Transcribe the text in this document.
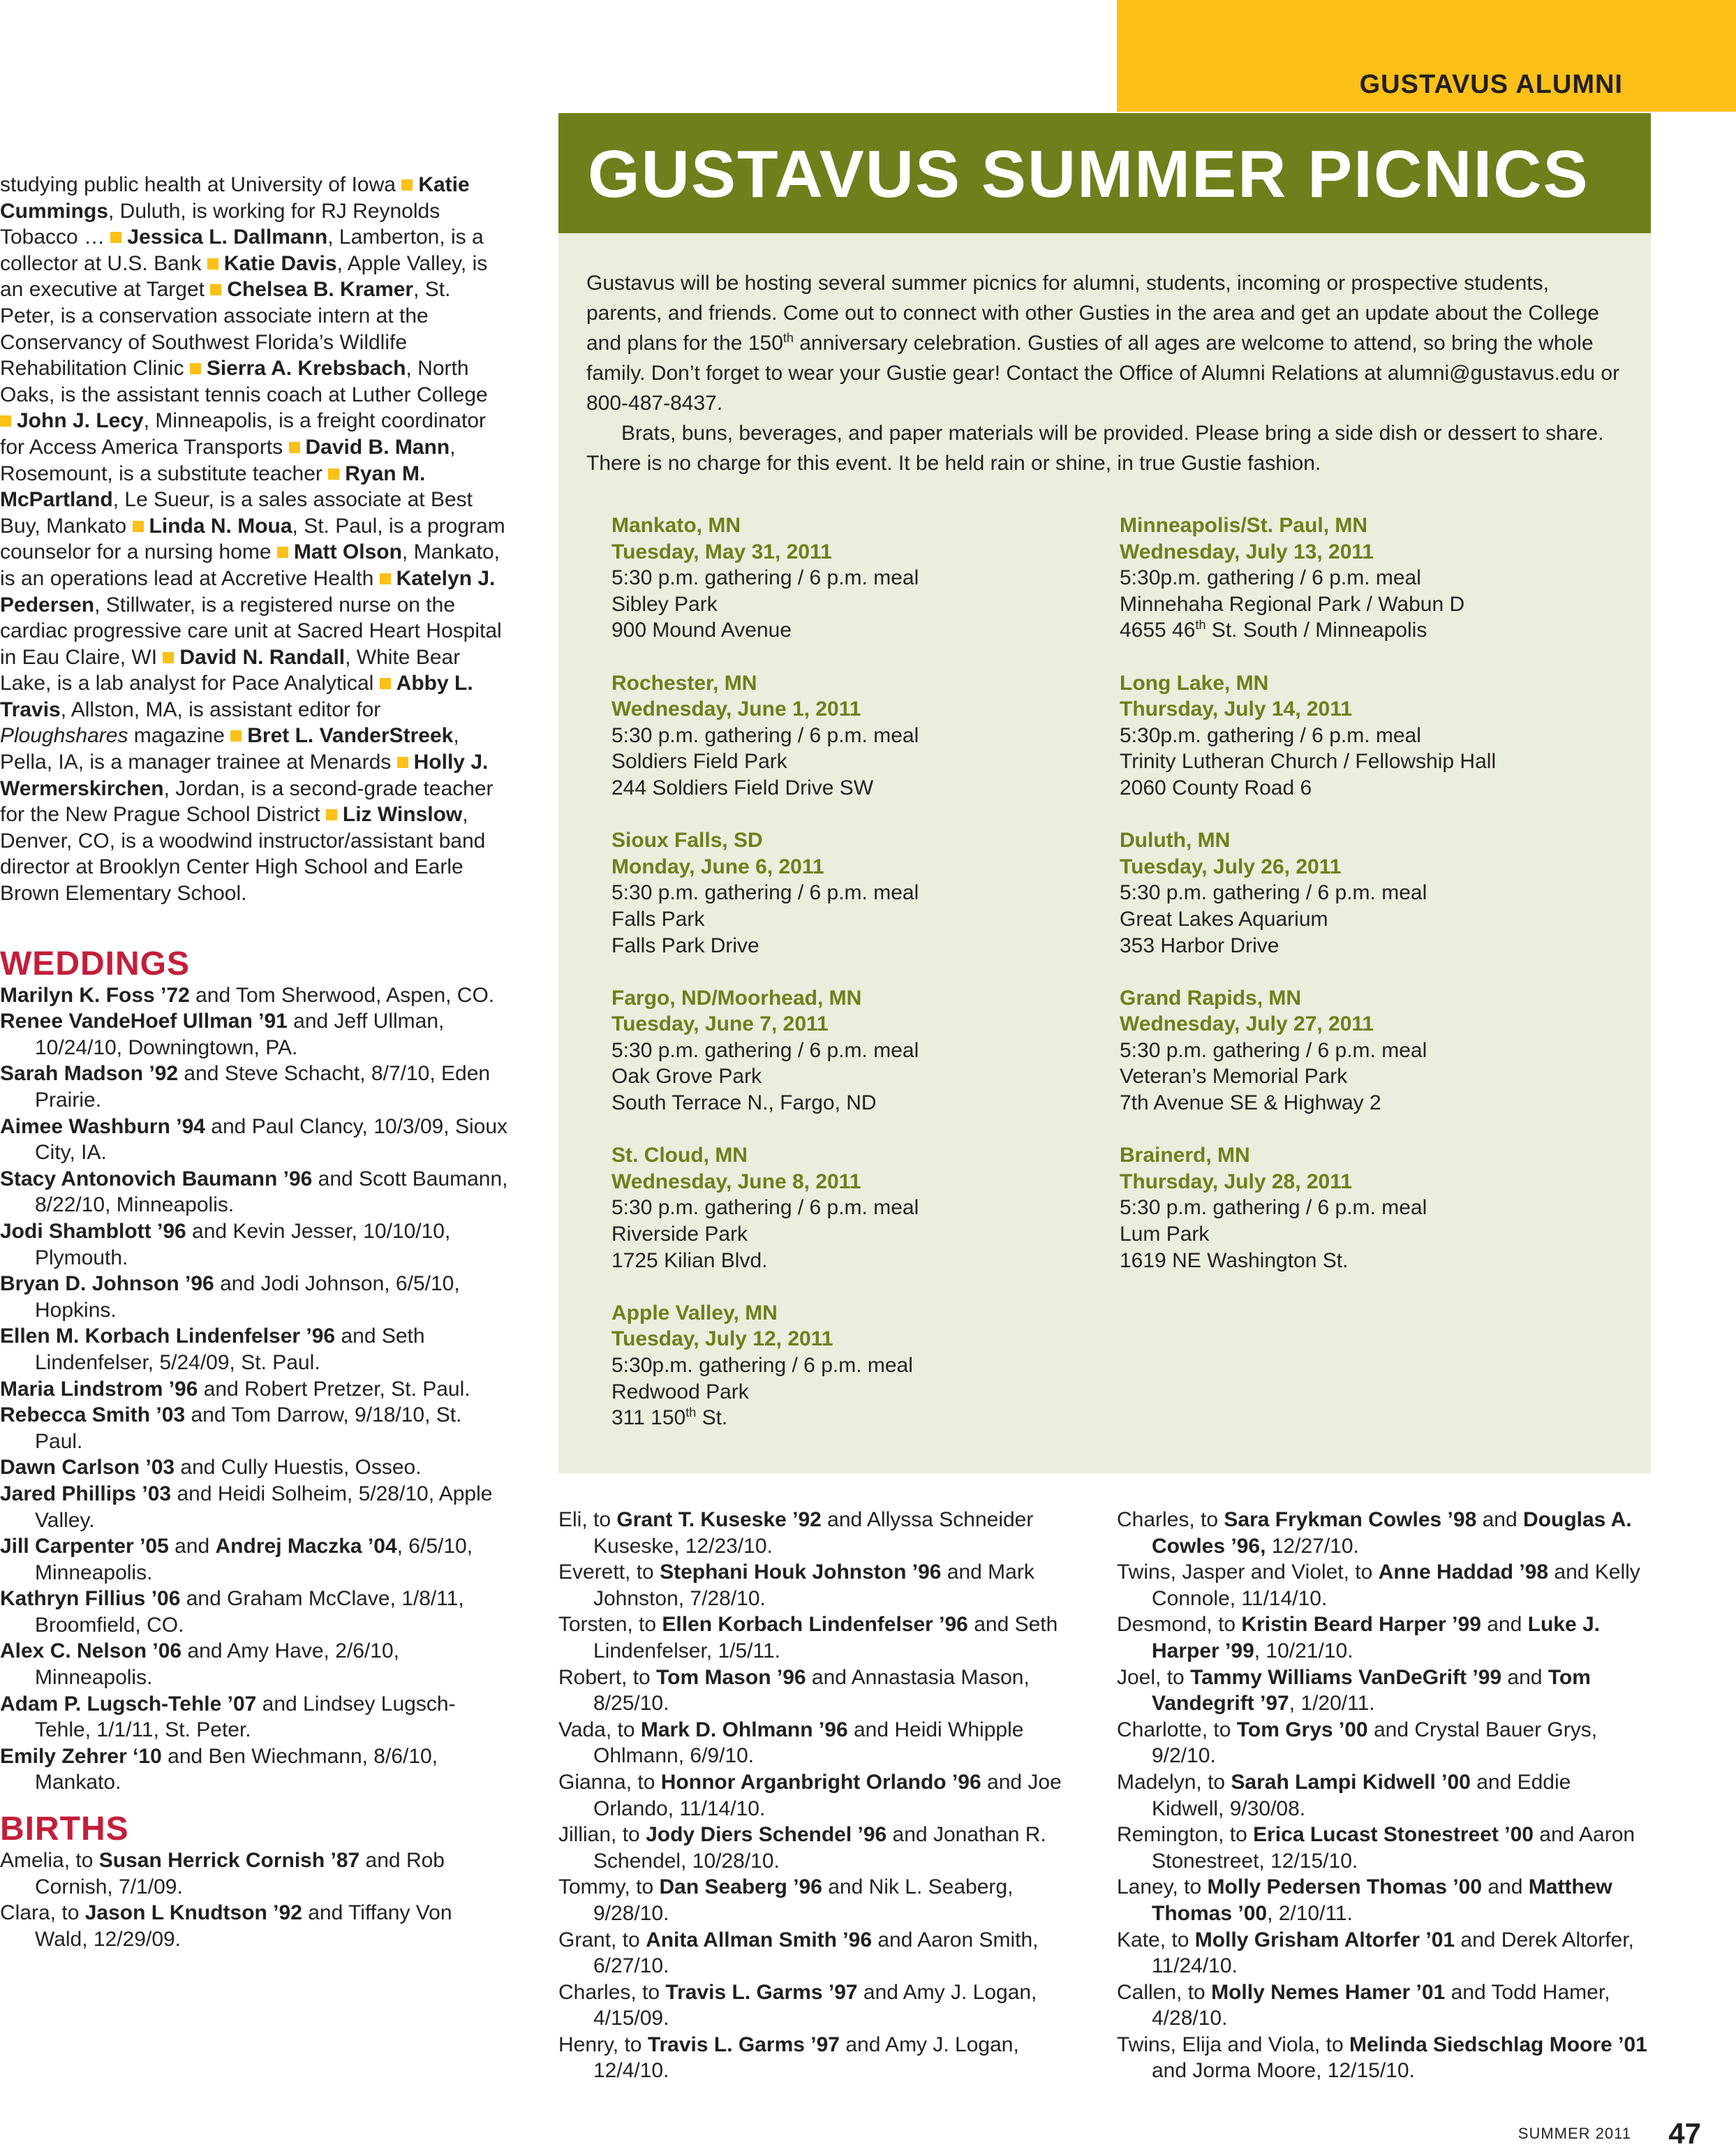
GUSTAVUS ALUMNI

studying public health at University of Iowa Katie Cummings, Duluth, is working for RJ Reynolds Tobacco … Jessica L. Dallmann, Lamberton, is a collector at U.S. Bank Katie Davis, Apple Valley, is an executive at Target Chelsea B. Kramer, St. Peter, is a conservation associate intern at the Conservancy of Southwest Florida’s Wildlife Rehabilitation Clinic Sierra A. Krebsbach, North Oaks, is the assistant tennis coach at Luther College John J. Lecy, Minneapolis, is a freight coordinator for Access America Transports David B. Mann, Rosemount, is a substitute teacher Ryan M. McPartland, Le Sueur, is a sales associate at Best Buy, Mankato Linda N. Moua, St. Paul, is a program counselor for a nursing home Matt Olson, Mankato, is an operations lead at Accretive Health Katelyn J. Pedersen, Stillwater, is a registered nurse on the cardiac progressive care unit at Sacred Heart Hospital in Eau Claire, WI David N. Randall, White Bear Lake, is a lab analyst for Pace Analytical Abby L. Travis, Allston, MA, is assistant editor for Ploughshares magazine Bret L. VanderStreek, Pella, IA, is a manager trainee at Menards Holly J. Wermerskirchen, Jordan, is a second-grade teacher for the New Prague School District Liz Winslow, Denver, CO, is a woodwind instructor/assistant band director at Brooklyn Center High School and Earle Brown Elementary School.

WEDDINGS
Marilyn K. Foss ’72 and Tom Sherwood, Aspen, CO.
Renee VandeHoef Ullman ’91 and Jeff Ullman, 10/24/10, Downingtown, PA.
Sarah Madson ’92 and Steve Schacht, 8/7/10, Eden Prairie.
Aimee Washburn ’94 and Paul Clancy, 10/3/09, Sioux City, IA.
Stacy Antonovich Baumann ’96 and Scott Baumann, 8/22/10, Minneapolis.
Jodi Shamblott ’96 and Kevin Jesser, 10/10/10, Plymouth.
Bryan D. Johnson ’96 and Jodi Johnson, 6/5/10, Hopkins.
Ellen M. Korbach Lindenfelser ’96 and Seth Lindenfelser, 5/24/09, St. Paul.
Maria Lindstrom ’96 and Robert Pretzer, St. Paul.
Rebecca Smith ’03 and Tom Darrow, 9/18/10, St. Paul.
Dawn Carlson ’03 and Cully Huestis, Osseo.
Jared Phillips ’03 and Heidi Solheim, 5/28/10, Apple Valley.
Jill Carpenter ’05 and Andrej Maczka ’04, 6/5/10, Minneapolis.
Kathryn Fillius ’06 and Graham McClave, 1/8/11, Broomfield, CO.
Alex C. Nelson ’06 and Amy Have, 2/6/10, Minneapolis.
Adam P. Lugsch-Tehle ’07 and Lindsey Lugsch-Tehle, 1/1/11, St. Peter.
Emily Zehrer ‘10 and Ben Wiechmann, 8/6/10, Mankato.
BIRTHS
Amelia, to Susan Herrick Cornish ’87 and Rob Cornish, 7/1/09.
Clara, to Jason L Knudtson ’92 and Tiffany Von Wald, 12/29/09.
GUSTAVUS SUMMER PICNICS

Gustavus will be hosting several summer picnics for alumni, students, incoming or prospective students, parents, and friends. Come out to connect with other Gusties in the area and get an update about the College and plans for the 150th anniversary celebration. Gusties of all ages are welcome to attend, so bring the whole family. Don’t forget to wear your Gustie gear! Contact the Office of Alumni Relations at alumni@gustavus.edu or 800-487-8437.

Brats, buns, beverages, and paper materials will be provided. Please bring a side dish or dessert to share. There is no charge for this event. It be held rain or shine, in true Gustie fashion.

Mankato, MN
Tuesday, May 31, 2011
5:30 p.m. gathering / 6 p.m. meal
Sibley Park
900 Mound Avenue
Rochester, MN
Wednesday, June 1, 2011
5:30 p.m. gathering / 6 p.m. meal
Soldiers Field Park
244 Soldiers Field Drive SW
Sioux Falls, SD
Monday, June 6, 2011
5:30 p.m. gathering / 6 p.m. meal
Falls Park
Falls Park Drive
Fargo, ND/Moorhead, MN
Tuesday, June 7, 2011
5:30 p.m. gathering / 6 p.m. meal
Oak Grove Park
South Terrace N., Fargo, ND
St. Cloud, MN
Wednesday, June 8, 2011
5:30 p.m. gathering / 6 p.m. meal
Riverside Park
1725 Kilian Blvd.
Apple Valley, MN
Tuesday, July 12, 2011
5:30p.m. gathering / 6 p.m. meal
Redwood Park
311 150th St.
Minneapolis/St. Paul, MN
Wednesday, July 13, 2011
5:30p.m. gathering / 6 p.m. meal
Minnehaha Regional Park / Wabun D
4655 46th St. South / Minneapolis
Long Lake, MN
Thursday, July 14, 2011
5:30p.m. gathering / 6 p.m. meal
Trinity Lutheran Church / Fellowship Hall
2060 County Road 6
Duluth, MN
Tuesday, July 26, 2011
5:30 p.m. gathering / 6 p.m. meal
Great Lakes Aquarium
353 Harbor Drive
Grand Rapids, MN
Wednesday, July 27, 2011
5:30 p.m. gathering / 6 p.m. meal
Veteran’s Memorial Park
7th Avenue SE & Highway 2
Brainerd, MN
Thursday, July 28, 2011
5:30 p.m. gathering / 6 p.m. meal
Lum Park
1619 NE Washington St.
Eli, to Grant T. Kuseske ’92 and Allyssa Schneider Kuseske, 12/23/10.
Everett, to Stephani Houk Johnston ’96 and Mark Johnston, 7/28/10.
Torsten, to Ellen Korbach Lindenfelser ’96 and Seth Lindenfelser, 1/5/11.
Robert, to Tom Mason ’96 and Annastasia Mason, 8/25/10.
Vada, to Mark D. Ohlmann ’96 and Heidi Whipple Ohlmann, 6/9/10.
Gianna, to Honnor Arganbright Orlando ’96 and Joe Orlando, 11/14/10.
Jillian, to Jody Diers Schendel ’96 and Jonathan R. Schendel, 10/28/10.
Tommy, to Dan Seaberg ’96 and Nik L. Seaberg, 9/28/10.
Grant, to Anita Allman Smith ’96 and Aaron Smith, 6/27/10.
Charles, to Travis L. Garms ’97 and Amy J. Logan, 4/15/09.
Henry, to Travis L. Garms ’97 and Amy J. Logan, 12/4/10.
Charles, to Sara Frykman Cowles ’98 and Douglas A. Cowles ’96, 12/27/10.
Twins, Jasper and Violet, to Anne Haddad ’98 and Kelly Connole, 11/14/10.
Desmond, to Kristin Beard Harper ’99 and Luke J. Harper ’99, 10/21/10.
Joel, to Tammy Williams VanDeGrift ’99 and Tom Vandegrift ’97, 1/20/11.
Charlotte, to Tom Grys ’00 and Crystal Bauer Grys, 9/2/10.
Madelyn, to Sarah Lampi Kidwell ’00 and Eddie Kidwell, 9/30/08.
Remington, to Erica Lucast Stonestreet ’00 and Aaron Stonestreet, 12/15/10.
Laney, to Molly Pedersen Thomas ’00 and Matthew Thomas ’00, 2/10/11.
Kate, to Molly Grisham Altorfer ’01 and Derek Altorfer, 11/24/10.
Callen, to Molly Nemes Hamer ’01 and Todd Hamer, 4/28/10.
Twins, Elija and Viola, to Melinda Siedschlag Moore ’01 and Jorma Moore, 12/15/10.
SUMMER 2011 47
